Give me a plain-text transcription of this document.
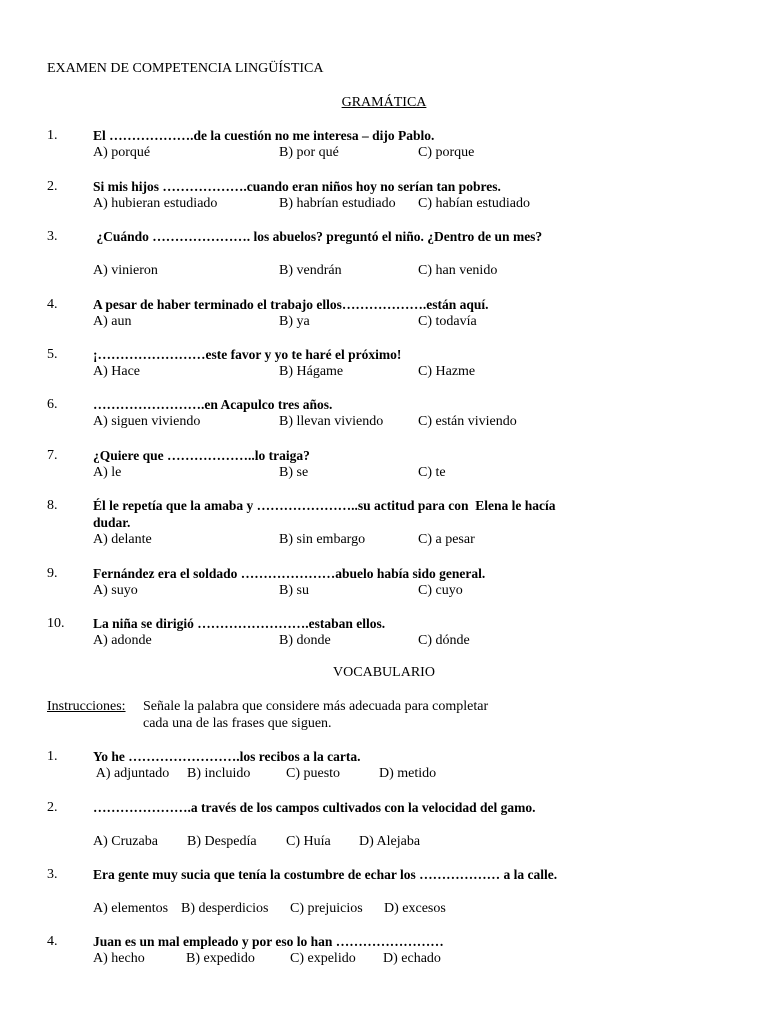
EXAMEN DE COMPETENCIA LINGÜÍSTICA
GRAMÁTICA
1.	El ……………….de la cuestión no me interesa – dijo Pablo.
A) porqué	B) por qué	C) porque
2.	Si mis hijos ……………….cuando eran niños hoy no serían tan pobres.
A) hubieran estudiado	B) habrían estudiado C) habían estudiado
3.	¿Cuándo …………………. los abuelos? preguntó el niño. ¿Dentro de un mes?
A) vinieron	B) vendrán	C) han venido
4.	A pesar de haber terminado el trabajo ellos……………….están aquí.
A) aun	B) ya	C) todavía
5.	¡……………………este favor y yo te haré el próximo!
A) Hace	B) Hágame	C) Hazme
6.	…………………….en Acapulco tres años.
A) siguen viviendo	B) llevan viviendo C) están viviendo
7.	¿Quiere que ………………..lo traiga?
A) le	B) se	C) te
8.	Él le repetía que la amaba y …………………..su actitud para con  Elena le hacía dudar.
A) delante	B) sin embargo	C) a pesar
9.	Fernández era el soldado …………………abuelo había sido general.
A) suyo	B) su	C) cuyo
10. La niña se dirigió …………………….estaban ellos.
A) adonde	B) donde	C) dónde
VOCABULARIO
Instrucciones: Señale la palabra que considere más adecuada para completar
cada una de las frases que siguen.
1.	Yo he …………………….los recibos a la carta.
A) adjuntado B) incluido	C) puesto	D) metido
2.	………………….a través de los campos cultivados con la velocidad del gamo.
A) Cruzaba B) Despedía C) Huía D) Alejaba
3.	Era gente muy sucia que tenía la costumbre de echar los ……………… a la calle.
A) elementos B) desperdicios C) prejuicios D) excesos
4.	Juan es un mal empleado y por eso lo han ……………………
A) hecho	B) expedido	C) expelido D) echado
